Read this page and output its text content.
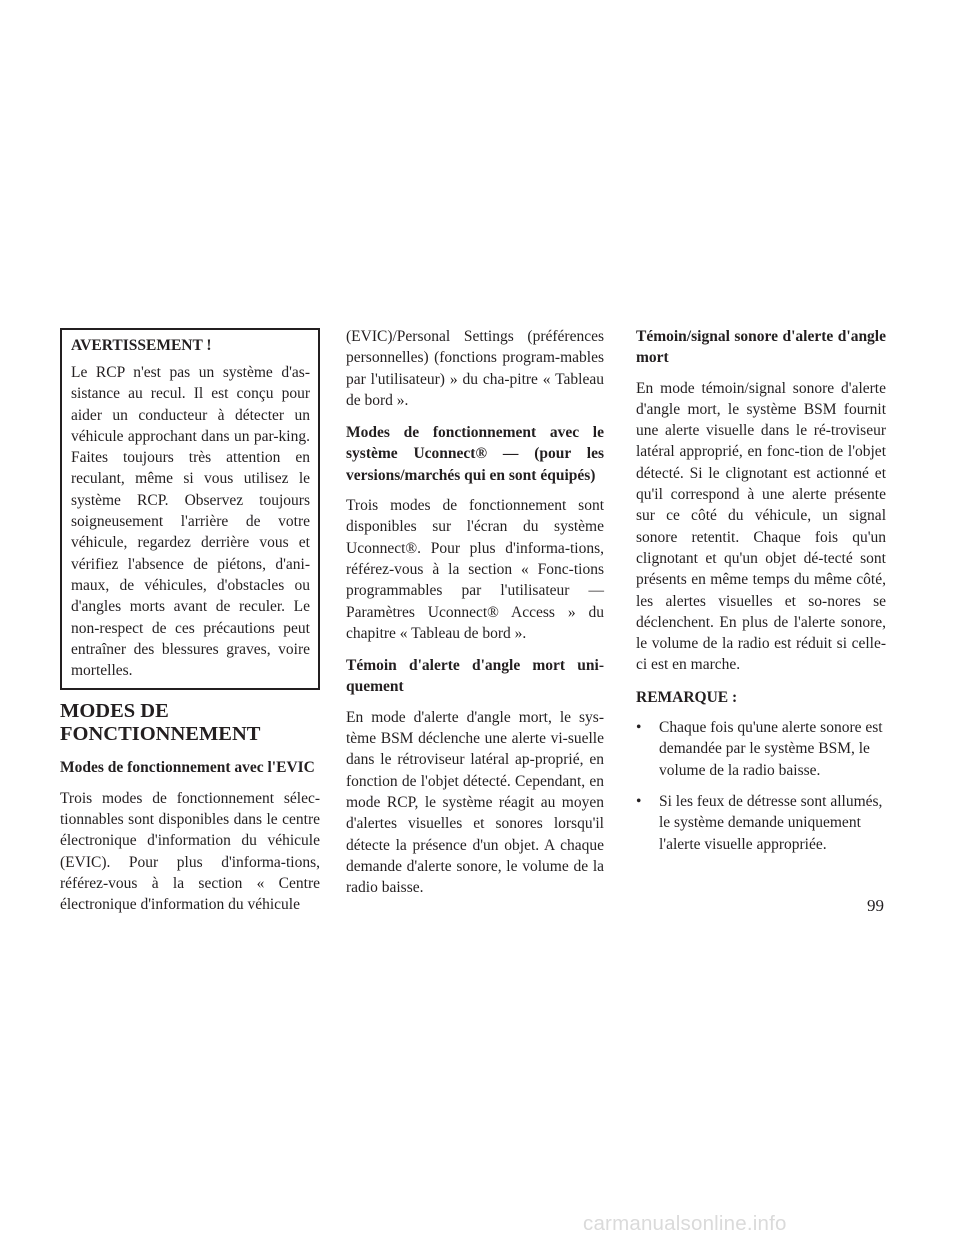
AVERTISSEMENT !

Le RCP n'est pas un système d'as-sistance au recul. Il est conçu pour aider un conducteur à détecter un véhicule approchant dans un par-king. Faites toujours très attention en reculant, même si vous utilisez le système RCP. Observez toujours soigneusement l'arrière de votre véhicule, regardez derrière vous et vérifiez l'absence de piétons, d'ani-maux, de véhicules, d'obstacles ou d'angles morts avant de reculer. Le non-respect de ces précautions peut entraîner des blessures graves, voire mortelles.

MODES DE
FONCTIONNEMENT
Modes de fonctionnement avec l'EVIC

Trois modes de fonctionnement sélec-tionnables sont disponibles dans le centre électronique d'information du véhicule (EVIC). Pour plus d'informa-tions, référez-vous à la section « Centre électronique d'information du véhicule

(EVIC)/Personal Settings (préférences personnelles) (fonctions program-mables par l'utilisateur) » du cha-pitre « Tableau de bord ».

Modes de fonctionnement avec le système Uconnect® — (pour les versions/marchés qui en sont équipés)

Trois modes de fonctionnement sont disponibles sur l'écran du système Uconnect®. Pour plus d'informa-tions, référez-vous à la section « Fonc-tions programmables par l'utilisateur — Paramètres Uconnect® Access » du chapitre « Tableau de bord ».

Témoin d'alerte d'angle mort uni-quement

En mode d'alerte d'angle mort, le sys-tème BSM déclenche une alerte vi-suelle dans le rétroviseur latéral ap-proprié, en fonction de l'objet détecté. Cependant, en mode RCP, le système réagit au moyen d'alertes visuelles et sonores lorsqu'il détecte la présence d'un objet. A chaque demande d'alerte sonore, le volume de la radio baisse.

Témoin/signal sonore d'alerte d'angle mort

En mode témoin/signal sonore d'alerte d'angle mort, le système BSM fournit une alerte visuelle dans le ré-troviseur latéral approprié, en fonc-tion de l'objet détecté. Si le clignotant est actionné et qu'il correspond à une alerte présente sur ce côté du véhicule, un signal sonore retentit. Chaque fois qu'un clignotant et qu'un objet dé-tecté sont présents en même temps du même côté, les alertes visuelles et so-nores se déclenchent. En plus de l'alerte sonore, le volume de la radio est réduit si celle-ci est en marche.

REMARQUE :
•	Chaque fois qu'une alerte sonore est demandée par le système BSM, le volume de la radio baisse.
•	Si les feux de détresse sont allumés, le système demande uniquement l'alerte visuelle appropriée.
99
carmanualsonline.info
